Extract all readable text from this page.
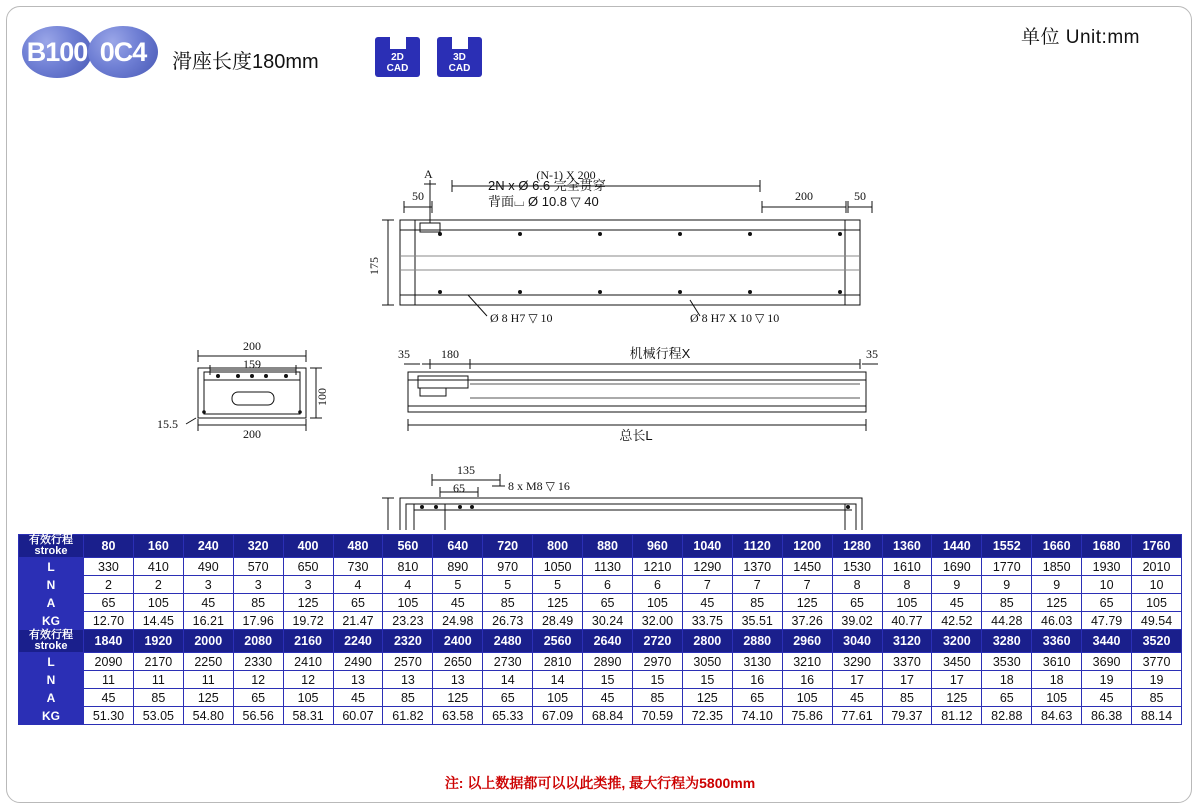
单位 Unit:mm
B100 0C4	滑座长度180mm	2D
CAD
3D
CAD
A	(N-1) X 200
200
50	50
175
2N x Ø 6.6 完全贯穿
背面⌴ Ø 10.8 ▽ 40
Ø 8 H7 ▽ 10	Ø 8 H7 X 10 ▽ 10
200
159
100
200
15.5
35	180	机械行程X	35
总长L
135
65	8 x M8 ▽ 16
有效行程
stroke	80	160	240	320	400	480	560	640	720	800	880	960	1040	1120	1200	1280	1360	1440	1552	1660	1680	1760
L	330	410	490	570	650	730	810	890	970	1050	1130	1210	1290	1370	1450	1530	1610	1690	1770	1850	1930	2010
N	2	2	3	3	3	4	4	5	5	5	6	6	7	7	7	8	8	9	9	9	10	10
A	65	105	45	85	125	65	105	45	85	125	65	105	45	85	125	65	105	45	85	125	65	105
KG	12.70	14.45	16.21	17.96	19.72	21.47	23.23	24.98	26.73	28.49	30.24	32.00	33.75	35.51	37.26	39.02	40.77	42.52	44.28	46.03	47.79	49.54

有效行程
stroke	1840	1920	2000	2080	2160	2240	2320	2400	2480	2560	2640	2720	2800	2880	2960	3040	3120	3200	3280	3360	3440	3520
L	2090	2170	2250	2330	2410	2490	2570	2650	2730	2810	2890	2970	3050	3130	3210	3290	3370	3450	3530	3610	3690	3770
N	11	11	11	12	12	13	13	13	14	14	15	15	15	16	16	17	17	17	18	18	19	19
A	45	85	125	65	105	45	85	125	65	105	45	85	125	65	105	45	85	125	65	105	45	85
KG	51.30	53.05	54.80	56.56	58.31	60.07	61.82	63.58	65.33	67.09	68.84	70.59	72.35	74.10	75.86	77.61	79.37	81.12	82.88	84.63	86.38	88.14
注: 以上数据都可以以此类推, 最大行程为5800mm
